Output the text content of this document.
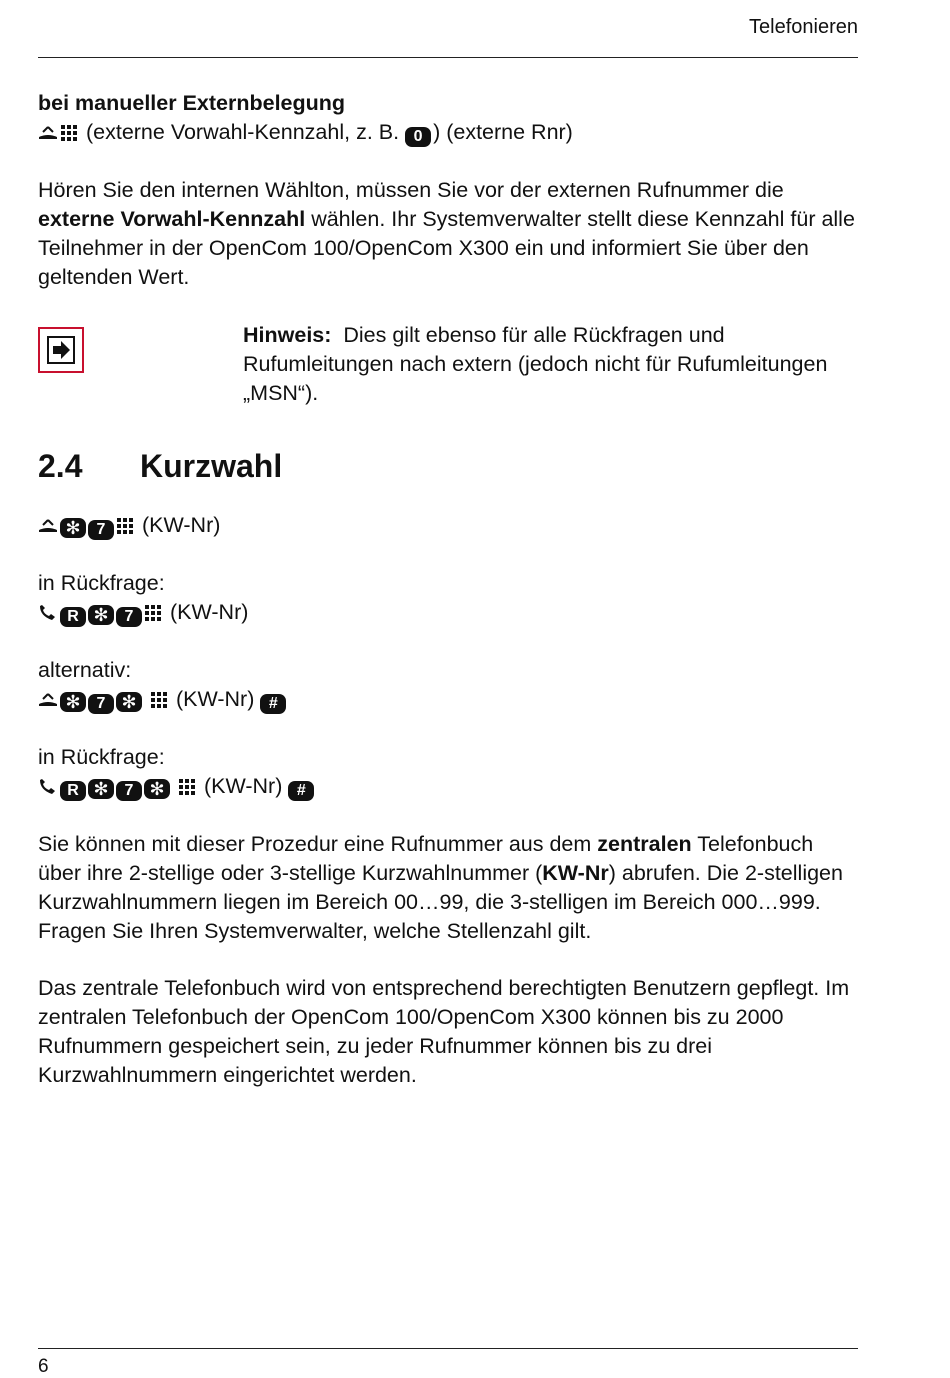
Telefonieren

bei manueller Externbelegung

(externe Vorwahl-Kennzahl, z. B. 0 ) (externe Rnr)

Hören Sie den internen Wählton, müssen Sie vor der externen Rufnummer die externe Vorwahl-Kennzahl wählen. Ihr Systemverwalter stellt diese Kennzahl für alle Teilnehmer in der OpenCom 100/OpenCom X300 ein und informiert Sie über den geltenden Wert.

Hinweis: Dies gilt ebenso für alle Rückfragen und Rufumleitungen nach extern (jedoch nicht für Rufumleitungen „MSN“).
2.4 Kurzwahl

✻ 7 (KW-Nr)

in Rückfrage:

R ✻ 7 (KW-Nr)

alternativ:

✻ 7 ✻ (KW-Nr) #

in Rückfrage:

R ✻ 7 ✻ (KW-Nr) #

Sie können mit dieser Prozedur eine Rufnummer aus dem zentralen Telefonbuch über ihre 2-stellige oder 3-stellige Kurzwahlnummer (KW-Nr) abrufen. Die 2-stelligen Kurzwahlnummern liegen im Bereich 00…99, die 3-stelligen im Bereich 000…999. Fragen Sie Ihren Systemverwalter, welche Stellenzahl gilt.

Das zentrale Telefonbuch wird von entsprechend berechtigten Benutzern gepflegt. Im zentralen Telefonbuch der OpenCom 100/OpenCom X300 können bis zu 2000 Rufnummern gespeichert sein, zu jeder Rufnummer können bis zu drei Kurzwahlnummern eingerichtet werden.

6
